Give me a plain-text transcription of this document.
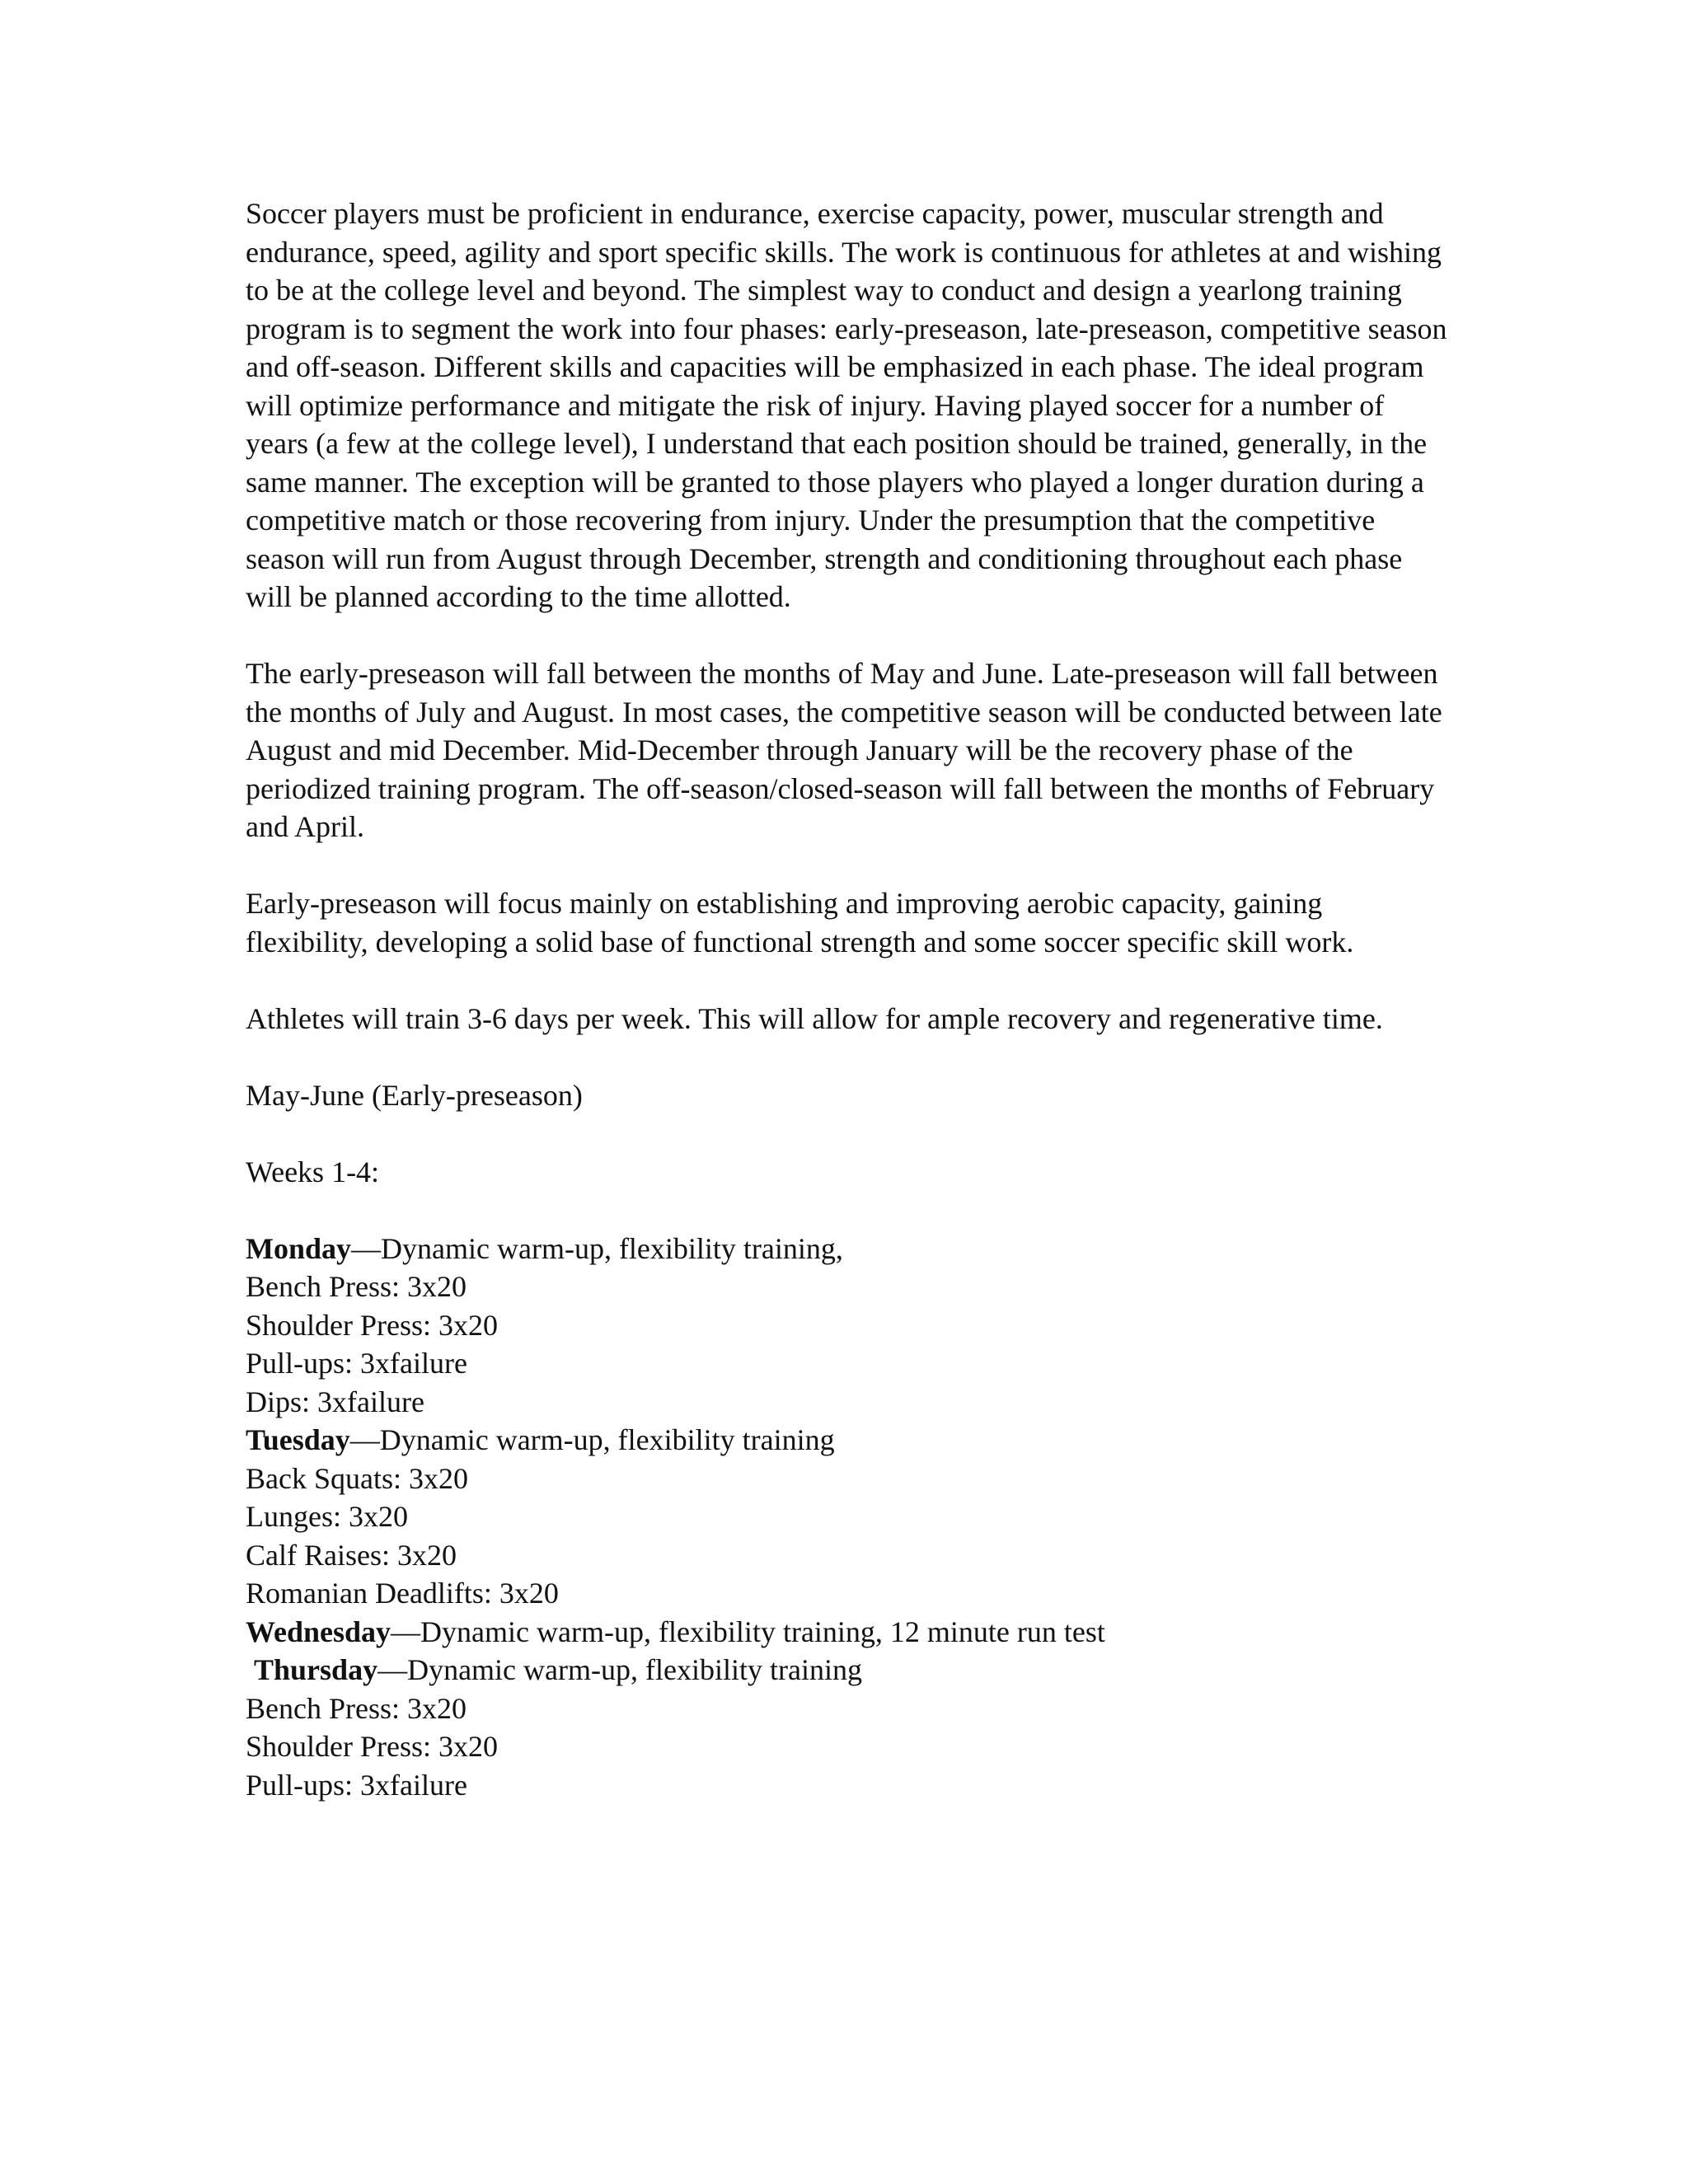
Soccer players must be proficient in endurance, exercise capacity, power, muscular strength and endurance, speed, agility and sport specific skills. The work is continuous for athletes at and wishing to be at the college level and beyond. The simplest way to conduct and design a yearlong training program is to segment the work into four phases: early-preseason, late-preseason, competitive season and off-season. Different skills and capacities will be emphasized in each phase. The ideal program will optimize performance and mitigate the risk of injury. Having played soccer for a number of years (a few at the college level), I understand that each position should be trained, generally, in the same manner. The exception will be granted to those players who played a longer duration during a competitive match or those recovering from injury. Under the presumption that the competitive season will run from August through December, strength and conditioning throughout each phase will be planned according to the time allotted.

The early-preseason will fall between the months of May and June. Late-preseason will fall between the months of July and August. In most cases, the competitive season will be conducted between late August and mid December. Mid-December through January will be the recovery phase of the periodized training program. The off-season/closed-season will fall between the months of February and April.

Early-preseason will focus mainly on establishing and improving aerobic capacity, gaining flexibility, developing a solid base of functional strength and some soccer specific skill work.

Athletes will train 3-6 days per week. This will allow for ample recovery and regenerative time.

May-June (Early-preseason)

Weeks 1-4:

Monday—Dynamic warm-up, flexibility training,

Bench Press: 3x20

Shoulder Press: 3x20

Pull-ups: 3xfailure

Dips: 3xfailure

Tuesday—Dynamic warm-up, flexibility training

Back Squats: 3x20

Lunges: 3x20

Calf Raises: 3x20

Romanian Deadlifts: 3x20

Wednesday—Dynamic warm-up, flexibility training, 12 minute run test

Thursday—Dynamic warm-up, flexibility training

Bench Press: 3x20

Shoulder Press: 3x20

Pull-ups: 3xfailure
